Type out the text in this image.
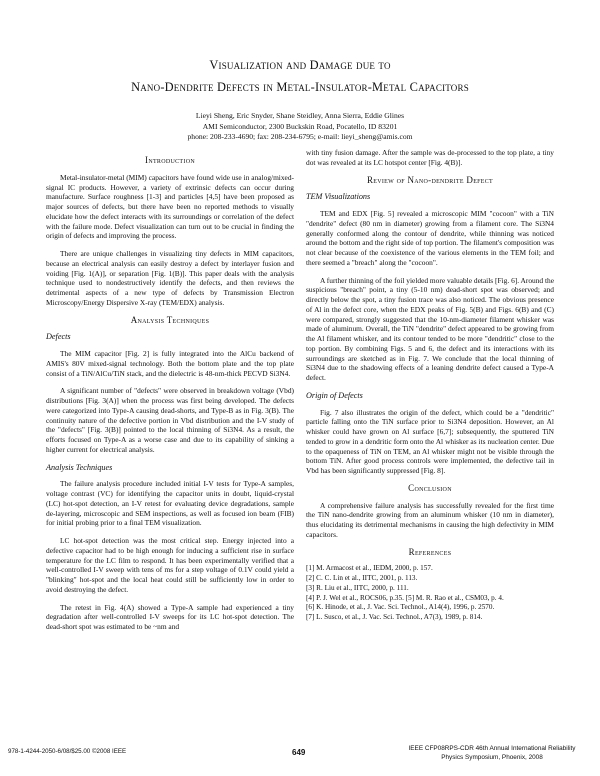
Visualization and Damage due to
Nano-Dendrite Defects in Metal-Insulator-Metal Capacitors
Lieyi Sheng, Eric Snyder, Shane Steidley, Anna Sierra, Eddie Glines
AMI Semiconductor, 2300 Buckskin Road, Pocatello, ID 83201
phone: 208-233-4690; fax: 208-234-6795; e-mail: lieyi_sheng@amis.com
Introduction

Metal-insulator-metal (MIM) capacitors have found wide use in analog/mixed-signal IC products. However, a variety of extrinsic defects can occur during manufacture. Surface roughness [1-3] and particles [4,5] have been proposed as major sources of defects, but there have been no reported methods to visually elucidate how the defect interacts with its surroundings or correlation of the defect with the failure mode. Defect visualization can turn out to be crucial in finding the origin of defects and improving the process.

There are unique challenges in visualizing tiny defects in MIM capacitors, because an electrical analysis can easily destroy a defect by interlayer fusion and voiding [Fig. 1(A)], or separation [Fig. 1(B)]. This paper deals with the analysis technique used to nondestructively identify the defects, and then reviews the detrimental aspects of a new type of defects by Transmission Electron Microscopy/Energy Dispersive X-ray (TEM/EDX) analysis.

Analysis Techniques
Defects

The MIM capacitor [Fig. 2] is fully integrated into the AlCu backend of AMIS's 80V mixed-signal technology. Both the bottom plate and the top plate consist of a TiN/AlCu/TiN stack, and the dielectric is 48-nm-thick PECVD Si3N4.

A significant number of "defects" were observed in breakdown voltage (Vbd) distributions [Fig. 3(A)] when the process was first being developed. The defects were categorized into Type-A causing dead-shorts, and Type-B as in Fig. 3(B). The continuity nature of the defective portion in Vbd distribution and the I-V study of the "defects" [Fig. 3(B)] pointed to the local thinning of Si3N4. As a result, the efforts focused on Type-A as a worse case and due to its capability of sinking a higher current for electrical analysis.

Analysis Techniques

The failure analysis procedure included initial I-V tests for Type-A samples, voltage contrast (VC) for identifying the capacitor units in doubt, liquid-crystal (LC) hot-spot detection, an I-V retest for evaluating device degradations, sample de-layering, microscopic and SEM inspections, as well as focused ion beam (FIB) for initial probing prior to a final TEM visualization.

LC hot-spot detection was the most critical step. Energy injected into a defective capacitor had to be high enough for inducing a sufficient rise in surface temperature for the LC film to respond. It has been experimentally verified that a well-controlled I-V sweep with tens of ms for a step voltage of 0.1V could yield a "blinking" hot-spot and the local heat could still be sufficiently low in order to avoid destroying the defect.

The retest in Fig. 4(A) showed a Type-A sample had experienced a tiny degradation after well-controlled I-V sweeps for its LC hot-spot detection. The dead-short spot was estimated to be ~nm and

with tiny fusion damage. After the sample was de-processed to the top plate, a tiny dot was revealed at its LC hotspot center [Fig. 4(B)].

Review of Nano-dendrite Defect
TEM Visualizations

TEM and EDX [Fig. 5] revealed a microscopic MIM "cocoon" with a TiN "dendrite" defect (80 nm in diameter) growing from a filament core. The Si3N4 generally conformed along the contour of dendrite, while thinning was noticed around the bottom and the right side of top portion. The filament's composition was not clear because of the coexistence of the various elements in the TEM foil; and there seemed a "breach" along the "cocoon".

A further thinning of the foil yielded more valuable details [Fig. 6]. Around the suspicious "breach" point, a tiny (5-10 nm) dead-short spot was observed; and directly below the spot, a tiny fusion trace was also noticed. The obvious presence of Al in the defect core, when the EDX peaks of Fig. 5(B) and Figs. 6(B) and (C) were compared, strongly suggested that the 10-nm-diameter filament whisker was made of aluminum. Overall, the TiN "dendrite" defect appeared to be growing from the Al filament whisker, and its contour tended to be more "dendritic" close to the top portion. By combining Figs. 5 and 6, the defect and its interactions with its surroundings are sketched as in Fig. 7. We conclude that the local thinning of Si3N4 due to the shadowing effects of a leaning dendrite defect caused a Type-A defect.

Origin of Defects

Fig. 7 also illustrates the origin of the defect, which could be a "dendritic" particle falling onto the TiN surface prior to Si3N4 deposition. However, an Al whisker could have grown on Al surface [6,7]; subsequently, the sputtered TiN tended to grow in a dendritic form onto the Al whisker as its nucleation center. Due to the opaqueness of TiN on TEM, an Al whisker might not be visible through the bottom TiN. After good process controls were implemented, the defective tail in Vbd has been significantly suppressed [Fig. 8].

Conclusion

A comprehensive failure analysis has successfully revealed for the first time the TiN nano-dendrite growing from an aluminum whisker (10 nm in diameter), thus elucidating its detrimental mechanisms in causing the high defectivity in MIM capacitors.

References
[1] M. Armacost et al., IEDM, 2000, p. 157.
[2] C. C. Lin et al., IITC, 2001, p. 113.
[3] R. Liu et al., IITC, 2000, p. 111.
[4] P. J. Wel et al., ROCS06, p.35. [5] M. R. Rao et al., CSM03, p. 4.
[6] K. Hinode, et al., J. Vac. Sci. Technol., A14(4), 1996, p. 2570.
[7] L. Susco, et al., J. Vac. Sci. Technol., A7(3), 1989, p. 814.
978-1-4244-2050-6/08/$25.00 ©2008 IEEE	649	IEEE CFP08RPS-CDR 46th Annual International Reliability
Physics Symposium, Phoenix, 2008
